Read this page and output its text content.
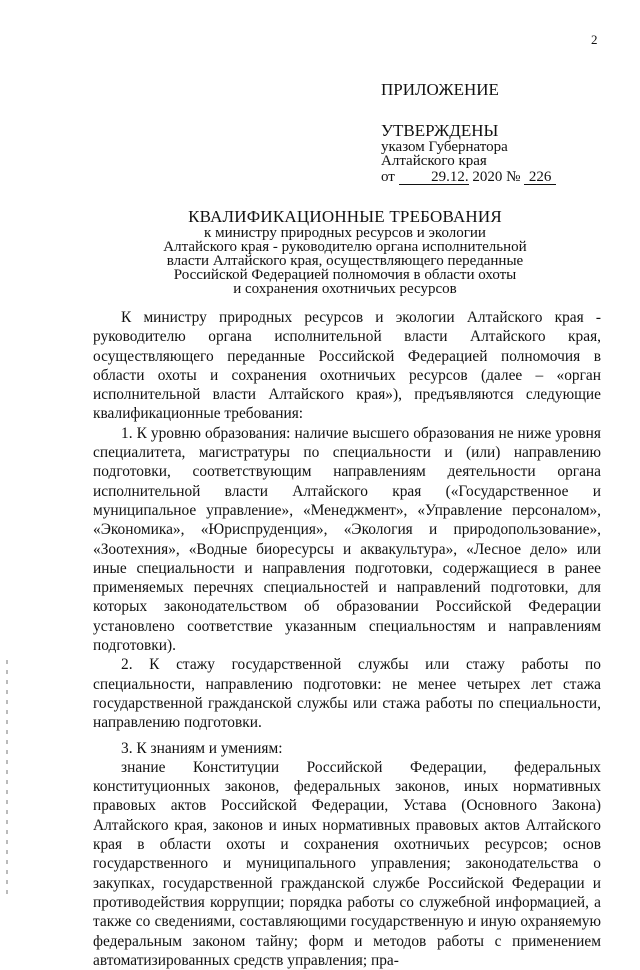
2

ПРИЛОЖЕНИЕ

УТВЕРЖДЕНЫ

указом Губернатора

Алтайского края

от 29.12. 2020 № 226

КВАЛИФИКАЦИОННЫЕ ТРЕБОВАНИЯ

к министру природных ресурсов и экологии

Алтайского края - руководителю органа исполнительной

власти Алтайского края, осуществляющего переданные

Российской Федерацией полномочия в области охоты

и сохранения охотничьих ресурсов

К министру природных ресурсов и экологии Алтайского края - руководителю органа исполнительной власти Алтайского края, осуществляющего переданные Российской Федерацией полномочия в области охоты и сохранения охотничьих ресурсов (далее – «орган исполнительной власти Алтайского края»), предъявляются следующие квалификационные требования:

1. К уровню образования: наличие высшего образования не ниже уровня специалитета, магистратуры по специальности и (или) направлению подготовки, соответствующим направлениям деятельности органа исполнительной власти Алтайского края («Государственное и муниципальное управление», «Менеджмент», «Управление персоналом», «Экономика», «Юриспруденция», «Экология и природопользование», «Зоотехния», «Водные биоресурсы и аквакультура», «Лесное дело» или иные специальности и направления подготовки, содержащиеся в ранее применяемых перечнях специальностей и направлений подготовки, для которых законодательством об образовании Российской Федерации установлено соответствие указанным специальностям и направлениям подготовки).

2. К стажу государственной службы или стажу работы по специальности, направлению подготовки: не менее четырех лет стажа государственной гражданской службы или стажа работы по специальности, направлению подготовки.

3. К знаниям и умениям:

знание Конституции Российской Федерации, федеральных конституционных законов, федеральных законов, иных нормативных правовых актов Российской Федерации, Устава (Основного Закона) Алтайского края, законов и иных нормативных правовых актов Алтайского края в области охоты и сохранения охотничьих ресурсов; основ государственного и муниципального управления; законодательства о закупках, государственной гражданской службе Российской Федерации и противодействия коррупции; порядка работы со служебной информацией, а также со сведениями, составляющими государственную и иную охраняемую федеральным законом тайну; форм и методов работы с применением автоматизированных средств управления; пра-
